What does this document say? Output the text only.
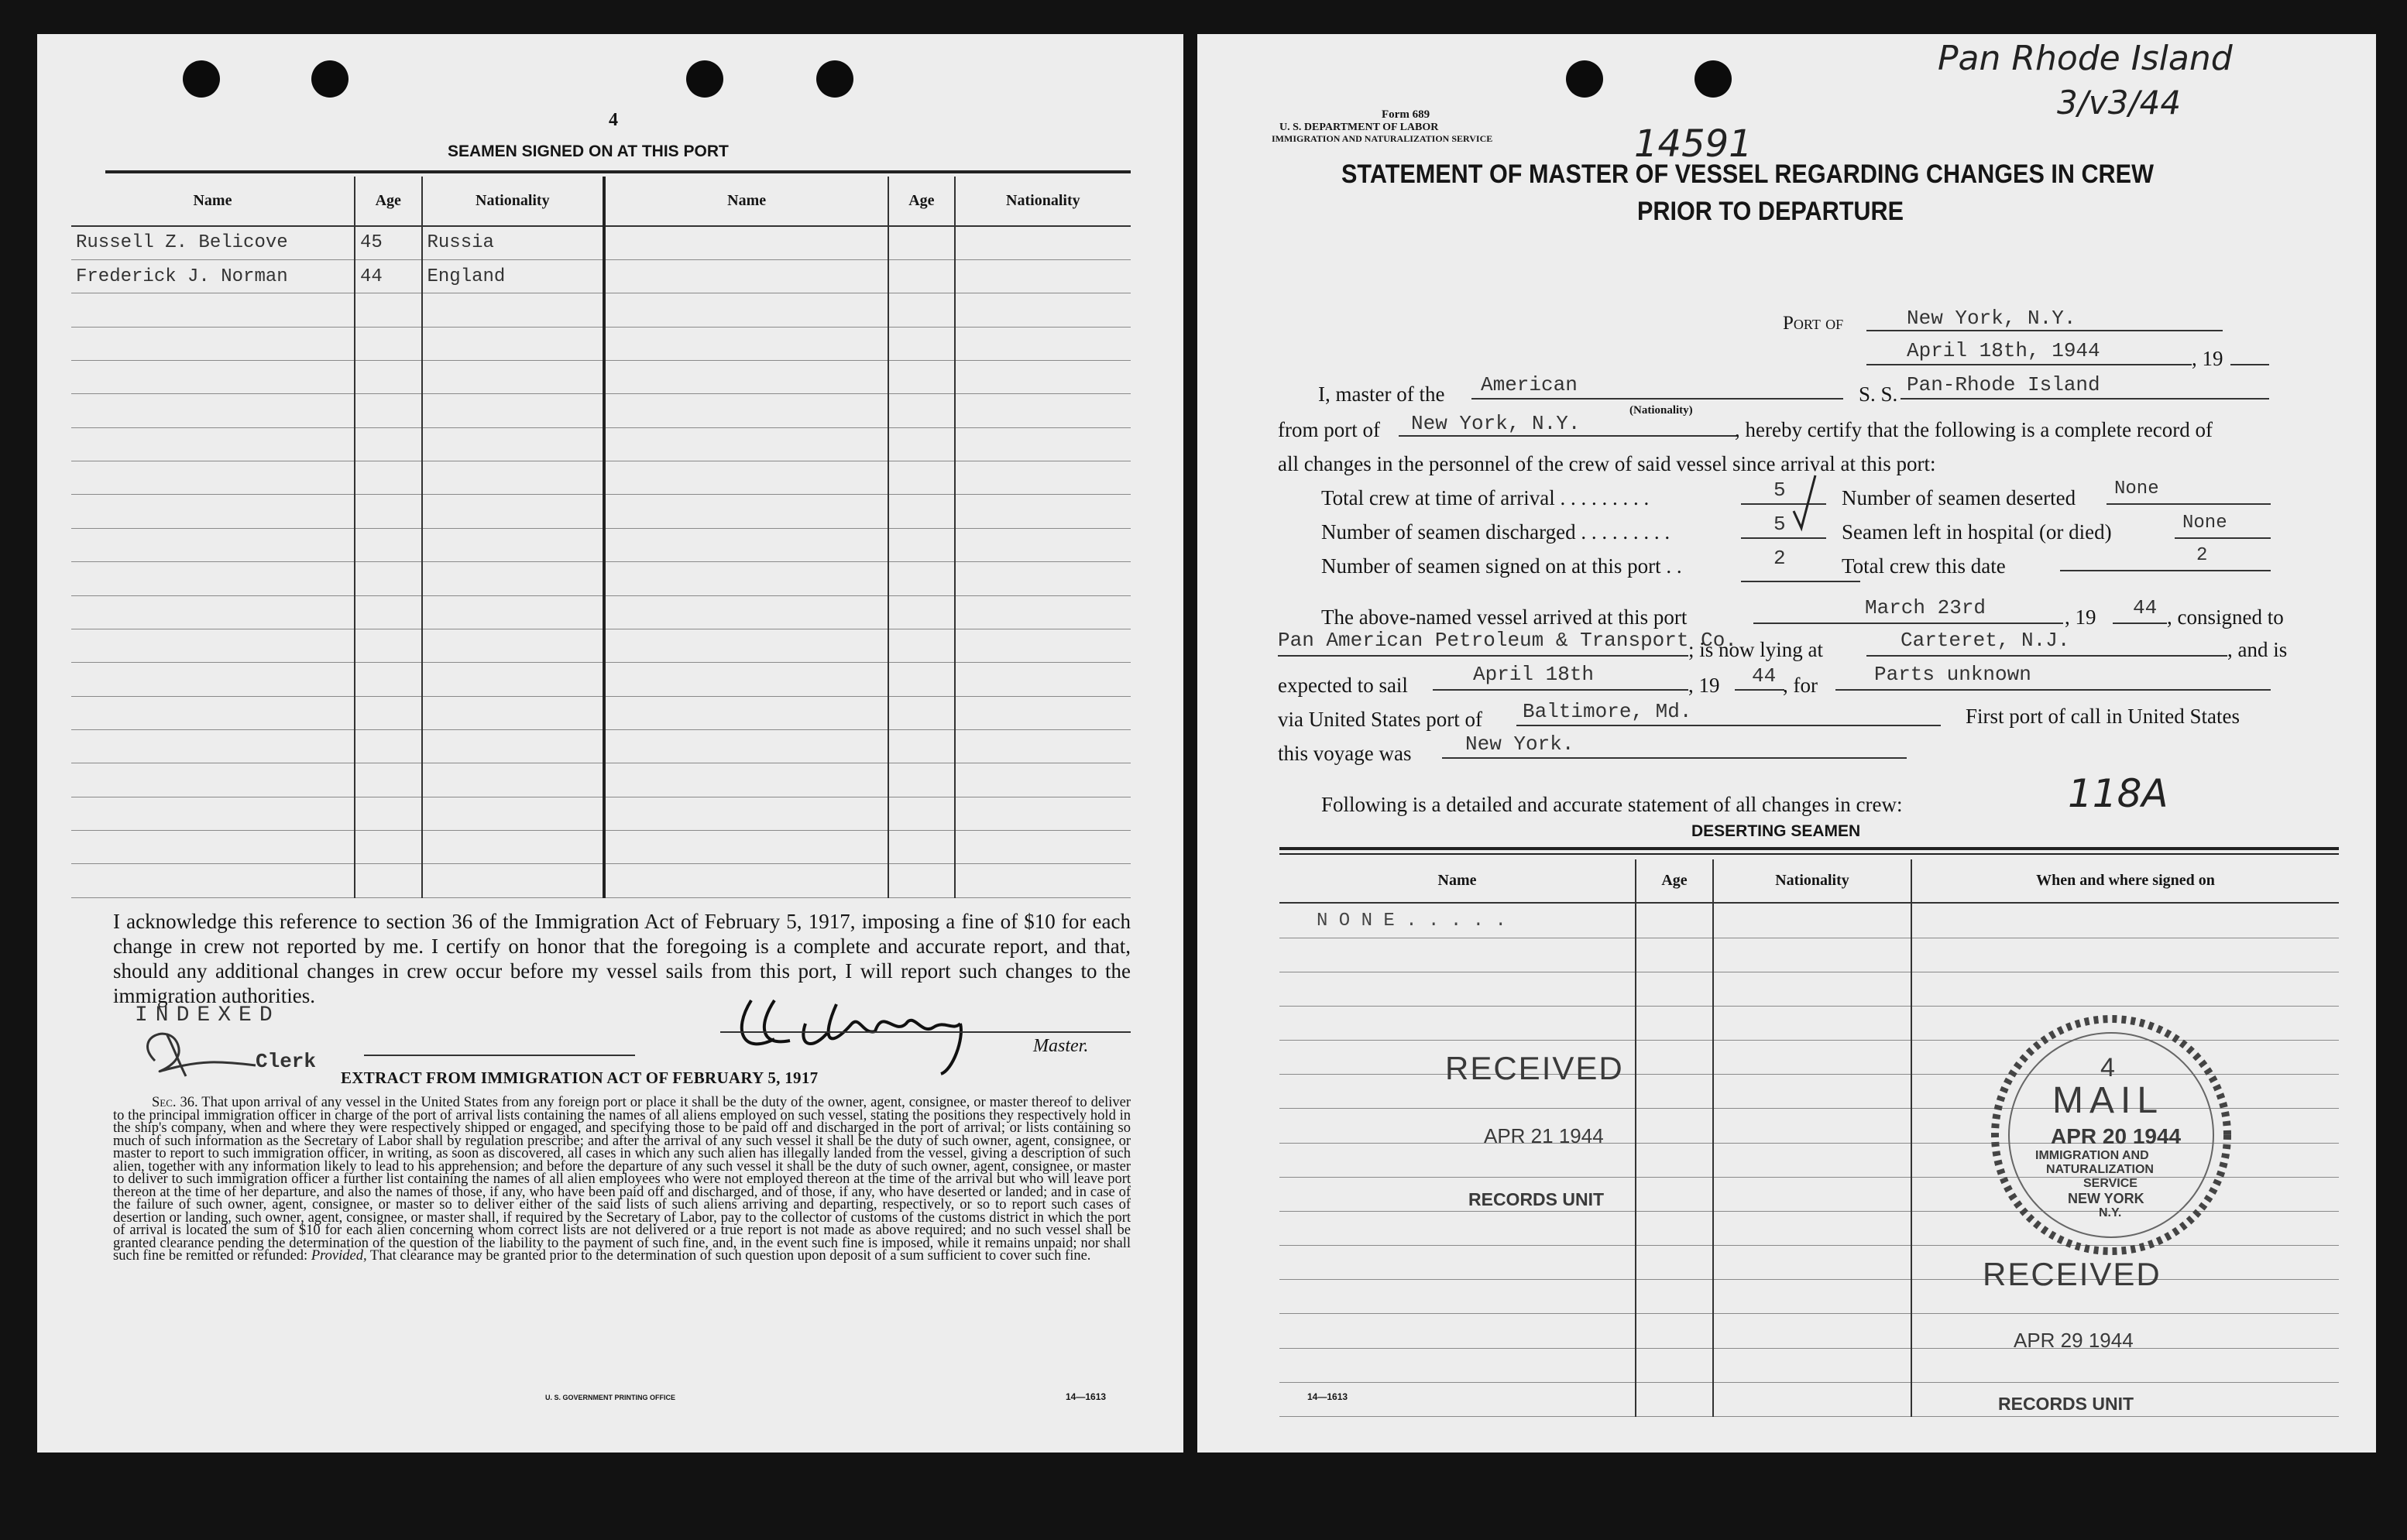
4
SEAMEN SIGNED ON AT THIS PORT
Name	Age	Nationality	Name	Age	Nationality
Russell Z. Belicove	45	Russia			
Frederick J. Norman	44	England			

I acknowledge this reference to section 36 of the Immigration Act of February 5, 1917, imposing a fine of $10 for each change in crew not reported by me. I certify on honor that the foregoing is a complete and accurate report, and that, should any additional changes in crew occur before my vessel sails from this port, I will report such changes to the immigration authorities.
INDEXED
Clerk
Master.
EXTRACT FROM IMMIGRATION ACT OF FEBRUARY 5, 1917
Sec. 36. That upon arrival of any vessel in the United States from any foreign port or place it shall be the duty of the owner, agent, consignee, or master thereof to deliver to the principal immigration officer in charge of the port of arrival lists containing the names of all aliens employed on such vessel, stating the positions they respectively hold in the ship's company, when and where they were respectively shipped or engaged, and specifying those to be paid off and discharged in the port of arrival; or lists containing so much of such information as the Secretary of Labor shall by regulation prescribe; and after the arrival of any such vessel it shall be the duty of such owner, agent, consignee, or master to report to such immigration officer, in writing, as soon as discovered, all cases in which any such alien has illegally landed from the vessel, giving a description of such alien, together with any information likely to lead to his apprehension; and before the departure of any such vessel it shall be the duty of such owner, agent, consignee, or master to deliver to such immigration officer a further list containing the names of all alien employees who were not employed thereon at the time of the arrival but who will leave port thereon at the time of her departure, and also the names of those, if any, who have been paid off and discharged, and of those, if any, who have deserted or landed; and in case of the failure of such owner, agent, consignee, or master so to deliver either of the said lists of such aliens arriving and departing, respectively, or so to report such cases of desertion or landing, such owner, agent, consignee, or master shall, if required by the Secretary of Labor, pay to the collector of customs of the customs district in which the port of arrival is located the sum of $10 for each alien concerning whom correct lists are not delivered or a true report is not made as above required; and no such vessel shall be granted clearance pending the determination of the question of the liability to the payment of such fine, and, in the event such fine is imposed, while it remains unpaid; nor shall such fine be remitted or refunded: Provided, That clearance may be granted prior to the determination of such question upon deposit of a sum sufficient to cover such fine.
U. S. GOVERNMENT PRINTING OFFICE	14—1613
Pan Rhode Island
3/v3/44
14591
Form 689
U. S. DEPARTMENT OF LABOR
IMMIGRATION AND NATURALIZATION SERVICE
STATEMENT OF MASTER OF VESSEL REGARDING CHANGES IN CREW
PRIOR TO DEPARTURE
Port of	New York, N.Y.
April 18th, 1944	, 19
I, master of the American	S. S. Pan-Rhode Island
from port of New York, N.Y.
(Nationality)
, hereby certify that the following is a complete record of
all changes in the personnel of the crew of said vessel since arrival at this port:
Total crew at time of arrival . . . . . . . . .	5	Number of seamen deserted None
Number of seamen discharged . . . . . . . . .	5	Seamen left in hospital (or died)	None
Number of seamen signed on at this port . .	2	Total crew this date	2
The above-named vessel arrived at this port	March 23rd	, 19 44 , consigned to
Pan American Petroleum & Transport Co.
; is now lying at	Carteret, N.J.	, and is
expected to sail	April 18th	, 19 44 , for	Parts unknown
via United States port of Baltimore, Md.	First port of call in United States
this voyage was	New York.
Following is a detailed and accurate statement of all changes in crew:	118A
DESERTING SEAMEN
Name	Age	Nationality	When and where signed on
N O N E . . . . .			

RECEIVED
APR 21 1944
RECORDS UNIT
4
MAIL
APR 20 1944
IMMIGRATION AND
NATURALIZATION
SERVICE
NEW YORK
N.Y.
RECEIVED
APR 29 1944
RECORDS UNIT
14—1613
